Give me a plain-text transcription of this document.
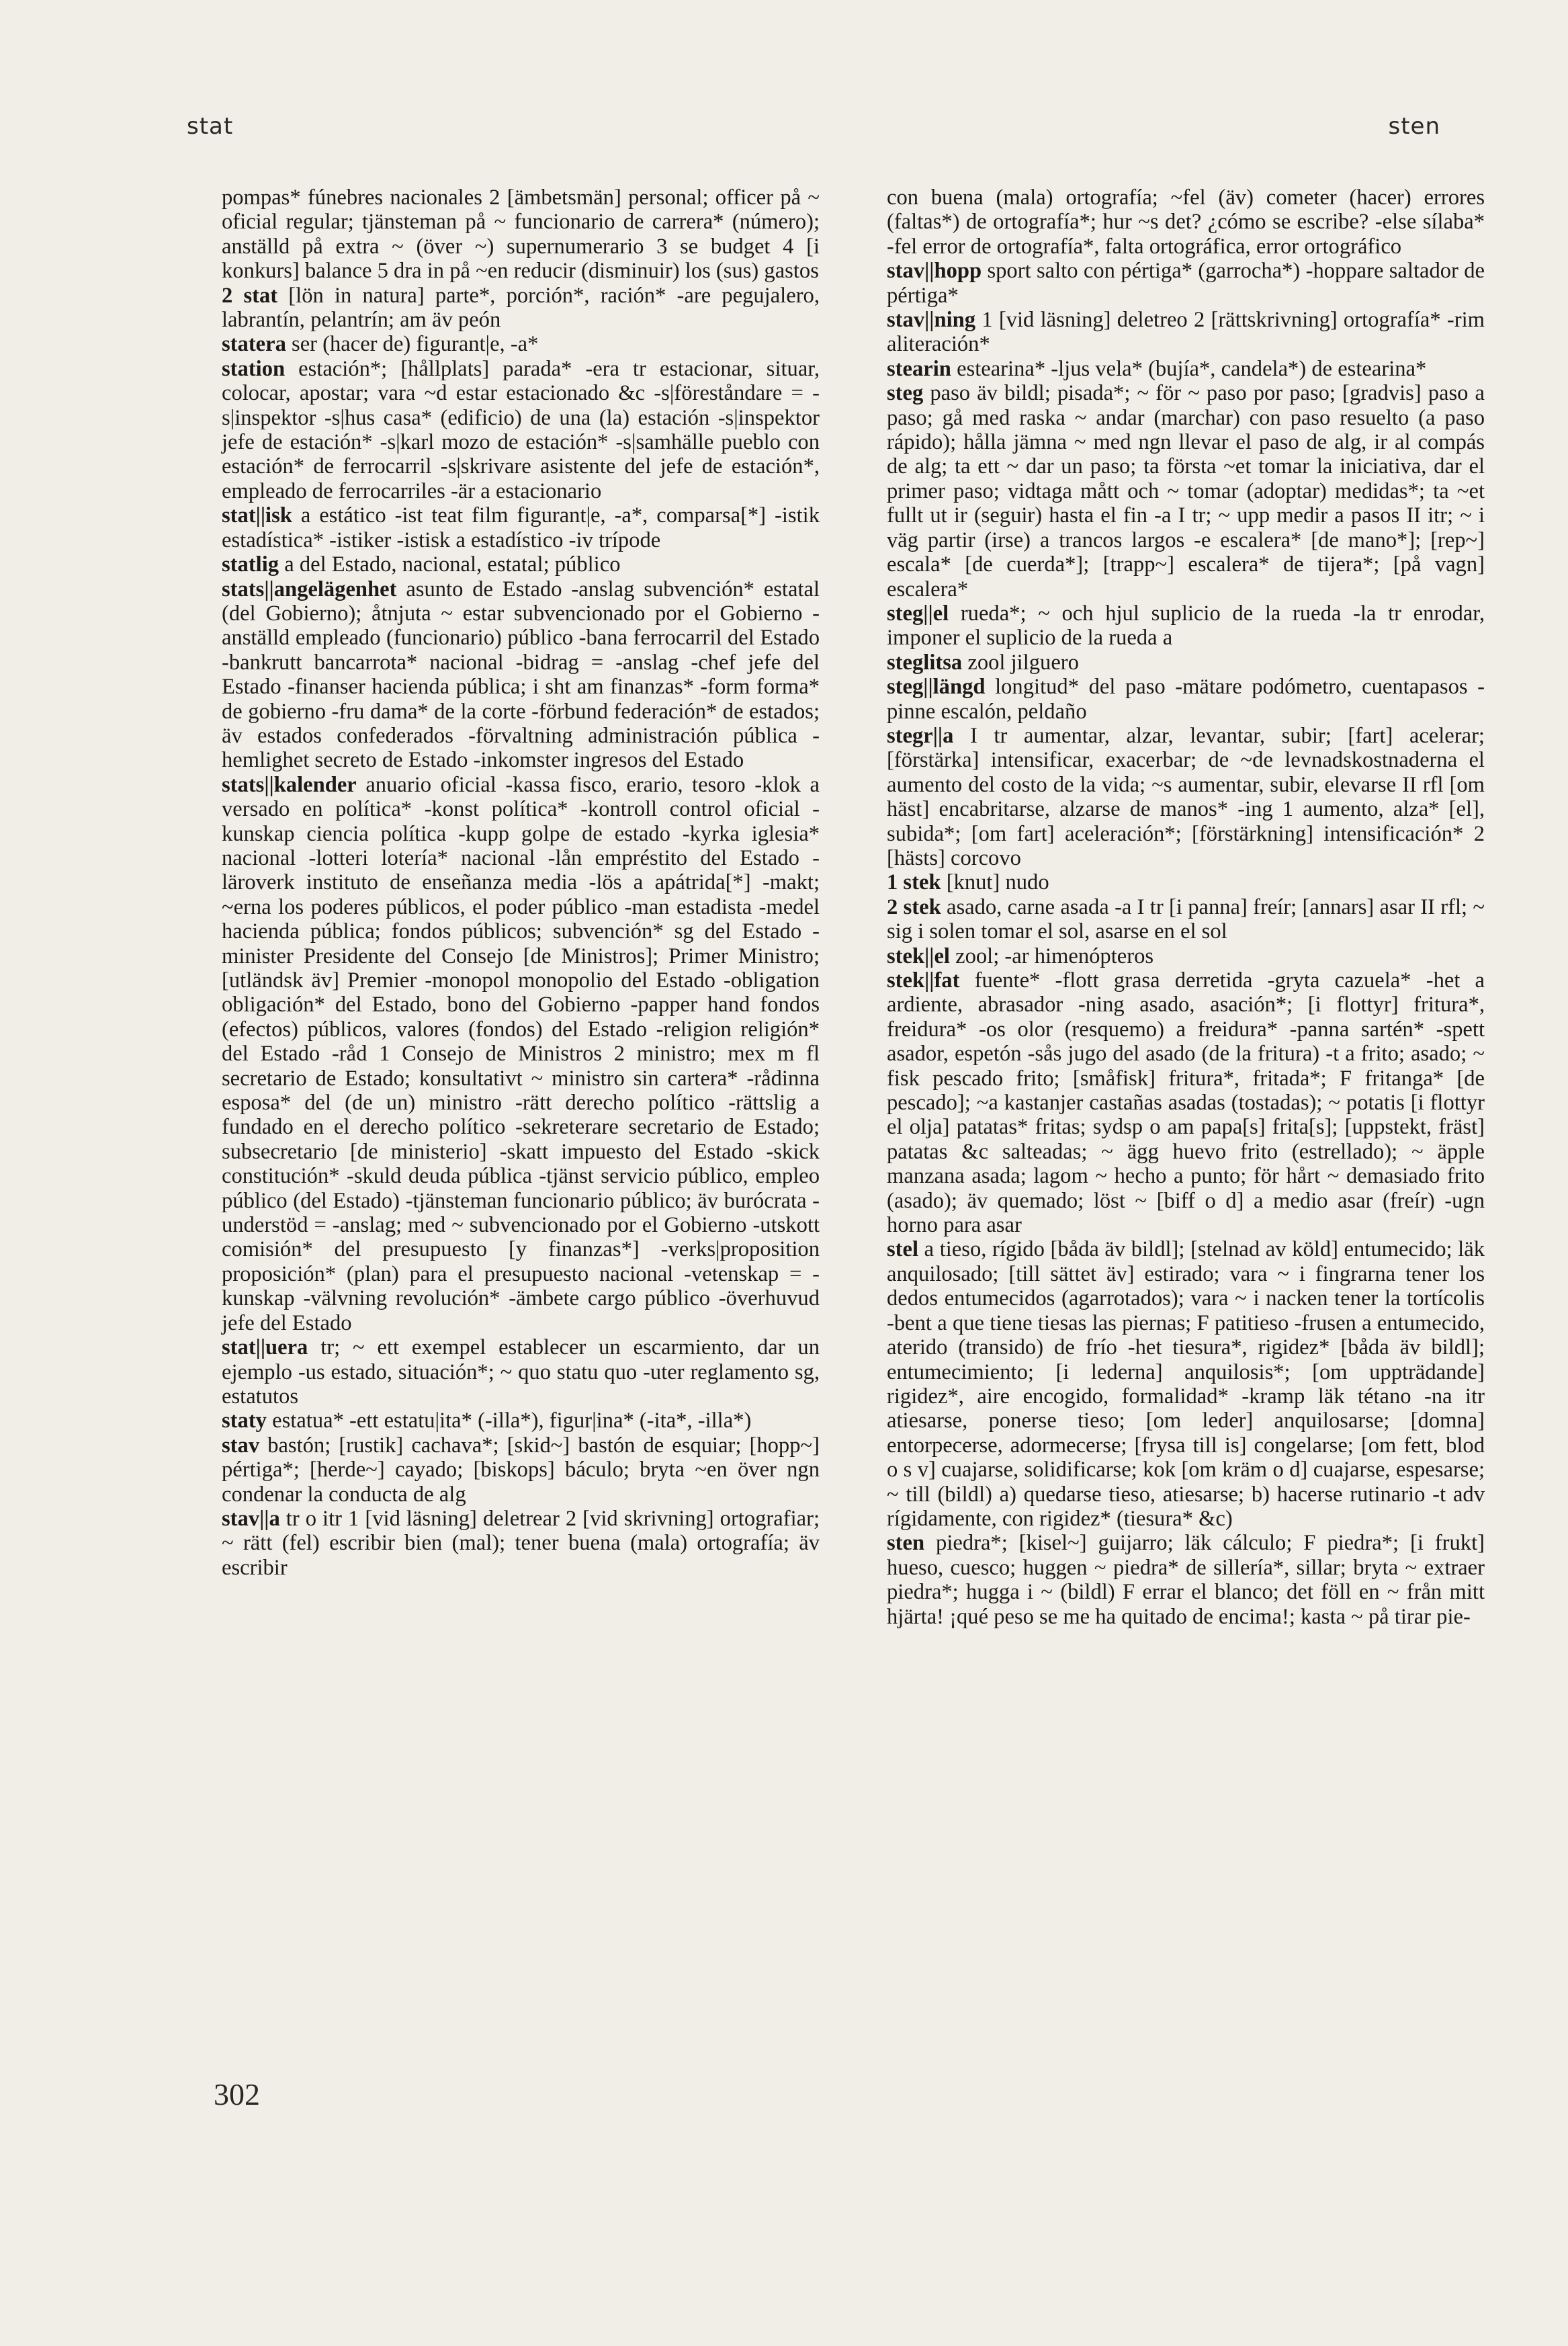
stat	sten
pompas* fúnebres nacionales 2 [ämbetsmän] personal; officer på ~ oficial regular; tjänsteman på ~ funcionario de carrera* (número); anställd på extra ~ (över ~) supernumerario 3 se budget 4 [i konkurs] balance 5 dra in på ~en reducir (disminuir) los (sus) gastos
2 stat [lön in natura] parte*, porción*, ración* -are pegujalero, labrantín, pelantrín; am äv peón
statera ser (hacer de) figurant|e, -a*
station estación*; [hållplats] parada* -era tr estacionar, situar, colocar, apostar; vara ~d estar estacionado &c -s|föreståndare = -s|inspektor -s|hus casa* (edificio) de una (la) estación -s|inspektor jefe de estación* -s|karl mozo de estación* -s|samhälle pueblo con estación* de ferrocarril -s|skrivare asistente del jefe de estación*, empleado de ferrocarriles -är a estacionario
stat||isk a estático -ist teat film figurant|e, -a*, comparsa[*] -istik estadística* -istiker -istisk a estadístico -iv trípode
statlig a del Estado, nacional, estatal; público
stats||angelägenhet asunto de Estado -anslag subvención* estatal (del Gobierno); åtnjuta ~ estar subvencionado por el Gobierno -anställd empleado (funcionario) público -bana ferrocarril del Estado -bankrutt bancarrota* nacional -bidrag = -anslag -chef jefe del Estado -finanser hacienda pública; i sht am finanzas* -form forma* de gobierno -fru dama* de la corte -förbund federación* de estados; äv estados confederados -förvaltning administración pública -hemlighet secreto de Estado -inkomster ingresos del Estado
stats||kalender anuario oficial -kassa fisco, erario, tesoro -klok a versado en política* -konst política* -kontroll control oficial -kunskap ciencia política -kupp golpe de estado -kyrka iglesia* nacional -lotteri lotería* nacional -lån empréstito del Estado -läroverk instituto de enseñanza media -lös a apátrida[*] -makt; ~erna los poderes públicos, el poder público -man estadista -medel hacienda pública; fondos públicos; subvención* sg del Estado -minister Presidente del Consejo [de Ministros]; Primer Ministro; [utländsk äv] Premier -monopol monopolio del Estado -obligation obligación* del Estado, bono del Gobierno -papper hand fondos (efectos) públicos, valores (fondos) del Estado -religion religión* del Estado -råd 1 Consejo de Ministros 2 ministro; mex m fl secretario de Estado; konsultativt ~ ministro sin cartera* -rådinna esposa* del (de un) ministro -rätt derecho político -rättslig a fundado en el derecho político -sekreterare secretario de Estado; subsecretario [de ministerio] -skatt impuesto del Estado -skick constitución* -skuld deuda pública -tjänst servicio público, empleo público (del Estado) -tjänsteman funcionario público; äv burócrata -understöd = -anslag; med ~ subvencionado por el Gobierno -utskott comisión* del presupuesto [y finanzas*] -verks|proposition proposición* (plan) para el presupuesto nacional -vetenskap = -kunskap -välvning revolución* -ämbete cargo público -överhuvud jefe del Estado
stat||uera tr; ~ ett exempel establecer un escarmiento, dar un ejemplo -us estado, situación*; ~ quo statu quo -uter reglamento sg, estatutos
staty estatua* -ett estatu|ita* (-illa*), figur|ina* (-ita*, -illa*)
stav bastón; [rustik] cachava*; [skid~] bastón de esquiar; [hopp~] pértiga*; [herde~] cayado; [biskops] báculo; bryta ~en över ngn condenar la conducta de alg
stav||a tr o itr 1 [vid läsning] deletrear 2 [vid skrivning] ortografiar; ~ rätt (fel) escribir bien (mal); tener buena (mala) ortografía; äv escribir
con buena (mala) ortografía; ~fel (äv) cometer (hacer) errores (faltas*) de ortografía*; hur ~s det? ¿cómo se escribe? -else sílaba* -fel error de ortografía*, falta ortográfica, error ortográfico
stav||hopp sport salto con pértiga* (garrocha*) -hoppare saltador de pértiga*
stav||ning 1 [vid läsning] deletreo 2 [rättskrivning] ortografía* -rim aliteración*
stearin estearina* -ljus vela* (bujía*, candela*) de estearina*
steg paso äv bildl; pisada*; ~ för ~ paso por paso; [gradvis] paso a paso; gå med raska ~ andar (marchar) con paso resuelto (a paso rápido); hålla jämna ~ med ngn llevar el paso de alg, ir al compás de alg; ta ett ~ dar un paso; ta första ~et tomar la iniciativa, dar el primer paso; vidtaga mått och ~ tomar (adoptar) medidas*; ta ~et fullt ut ir (seguir) hasta el fin -a I tr; ~ upp medir a pasos II itr; ~ i väg partir (irse) a trancos largos -e escalera* [de mano*]; [rep~] escala* [de cuerda*]; [trapp~] escalera* de tijera*; [på vagn] escalera*
steg||el rueda*; ~ och hjul suplicio de la rueda -la tr enrodar, imponer el suplicio de la rueda a
steglitsa zool jilguero
steg||längd longitud* del paso -mätare podómetro, cuentapasos -pinne escalón, peldaño
stegr||a I tr aumentar, alzar, levantar, subir; [fart] acelerar; [förstärka] intensificar, exacerbar; de ~de levnadskostnaderna el aumento del costo de la vida; ~s aumentar, subir, elevarse II rfl [om häst] encabritarse, alzarse de manos* -ing 1 aumento, alza* [el], subida*; [om fart] aceleración*; [förstärkning] intensificación* 2 [hästs] corcovo
1 stek [knut] nudo
2 stek asado, carne asada -a I tr [i panna] freír; [annars] asar II rfl; ~ sig i solen tomar el sol, asarse en el sol
stek||el zool; -ar himenópteros
stek||fat fuente* -flott grasa derretida -gryta cazuela* -het a ardiente, abrasador -ning asado, asación*; [i flottyr] fritura*, freidura* -os olor (resquemo) a freidura* -panna sartén* -spett asador, espetón -sås jugo del asado (de la fritura) -t a frito; asado; ~ fisk pescado frito; [småfisk] fritura*, fritada*; F fritanga* [de pescado]; ~a kastanjer castañas asadas (tostadas); ~ potatis [i flottyr el olja] patatas* fritas; sydsp o am papa[s] frita[s]; [uppstekt, fräst] patatas &c salteadas; ~ ägg huevo frito (estrellado); ~ äpple manzana asada; lagom ~ hecho a punto; för hårt ~ demasiado frito (asado); äv quemado; löst ~ [biff o d] a medio asar (freír) -ugn horno para asar
stel a tieso, rígido [båda äv bildl]; [stelnad av köld] entumecido; läk anquilosado; [till sättet äv] estirado; vara ~ i fingrarna tener los dedos entumecidos (agarrotados); vara ~ i nacken tener la tortícolis -bent a que tiene tiesas las piernas; F patitieso -frusen a entumecido, aterido (transido) de frío -het tiesura*, rigidez* [båda äv bildl]; entumecimiento; [i lederna] anquilosis*; [om uppträdande] rigidez*, aire encogido, formalidad* -kramp läk tétano -na itr atiesarse, ponerse tieso; [om leder] anquilosarse; [domna] entorpecerse, adormecerse; [frysa till is] congelarse; [om fett, blod o s v] cuajarse, solidificarse; kok [om kräm o d] cuajarse, espesarse; ~ till (bildl) a) quedarse tieso, atiesarse; b) hacerse rutinario -t adv rígidamente, con rigidez* (tiesura* &c)
sten piedra*; [kisel~] guijarro; läk cálculo; F piedra*; [i frukt] hueso, cuesco; huggen ~ piedra* de sillería*, sillar; bryta ~ extraer piedra*; hugga i ~ (bildl) F errar el blanco; det föll en ~ från mitt hjärta! ¡qué peso se me ha quitado de encima!; kasta ~ på tirar pie-
302
